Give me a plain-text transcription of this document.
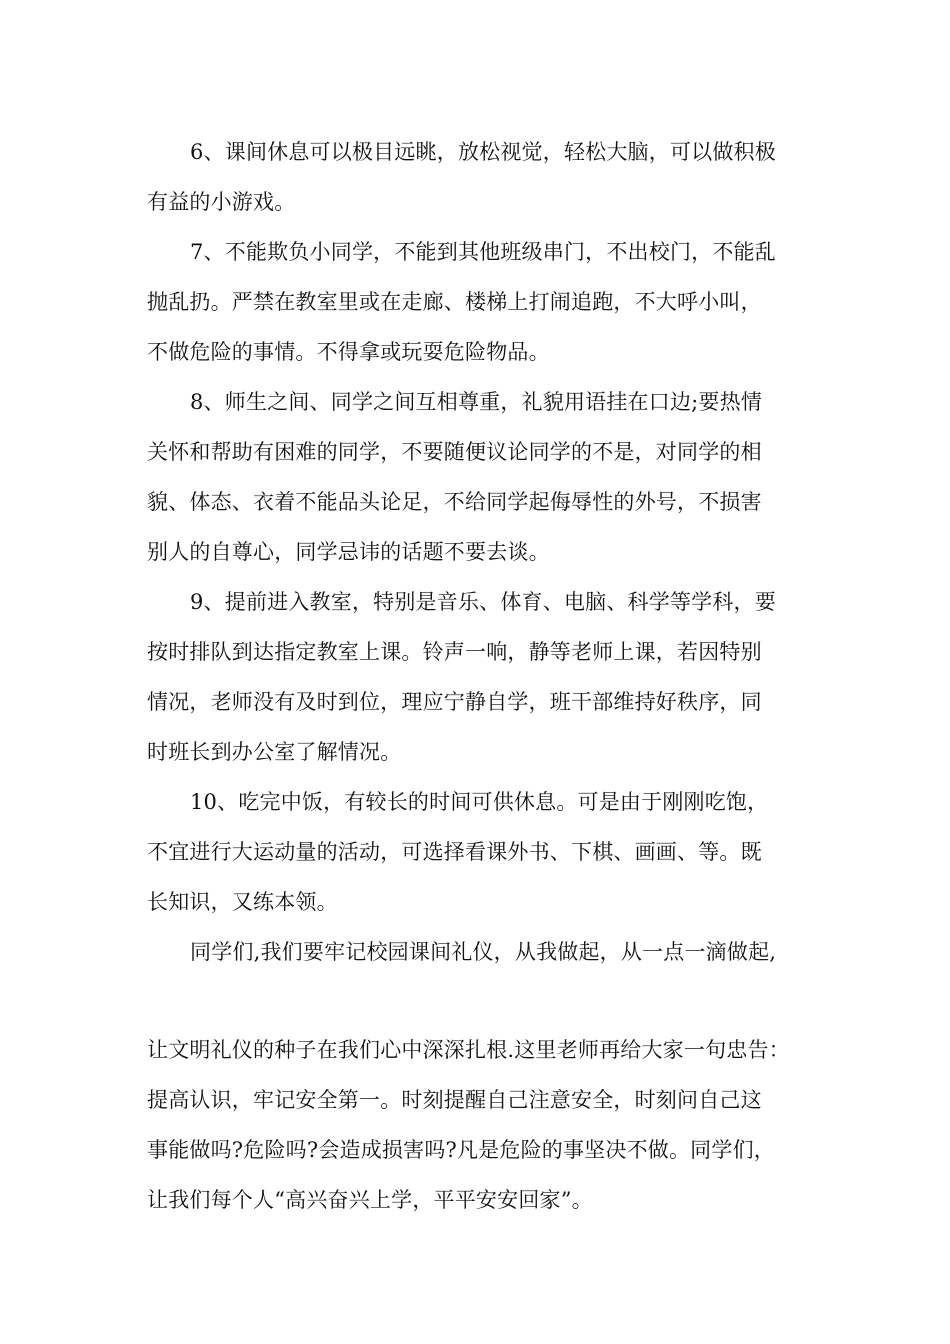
6、课间休息可以极目远眺，放松视觉，轻松大脑，可以做积极
有益的小游戏。
7、不能欺负小同学，不能到其他班级串门，不出校门，不能乱
抛乱扔。严禁在教室里或在走廊、楼梯上打闹追跑，不大呼小叫，
不做危险的事情。不得拿或玩耍危险物品。
8、师生之间、同学之间互相尊重，礼貌用语挂在口边;要热情
关怀和帮助有困难的同学，不要随便议论同学的不是，对同学的相
貌、体态、衣着不能品头论足，不给同学起侮辱性的外号，不损害
别人的自尊心，同学忌讳的话题不要去谈。
9、提前进入教室，特别是音乐、体育、电脑、科学等学科，要
按时排队到达指定教室上课。铃声一响，静等老师上课，若因特别
情况，老师没有及时到位，理应宁静自学，班干部维持好秩序，同
时班长到办公室了解情况。
10、吃完中饭，有较长的时间可供休息。可是由于刚刚吃饱，
不宜进行大运动量的活动，可选择看课外书、下棋、画画、等。既
长知识，又练本领。
同学们,我们要牢记校园课间礼仪，从我做起，从一点一滴做起,
让文明礼仪的种子在我们心中深深扎根.这里老师再给大家一句忠告：
提高认识，牢记安全第一。时刻提醒自己注意安全，时刻问自己这
事能做吗?危险吗?会造成损害吗?凡是危险的事坚决不做。同学们，
让我们每个人“高兴奋兴上学，平平安安回家”。
